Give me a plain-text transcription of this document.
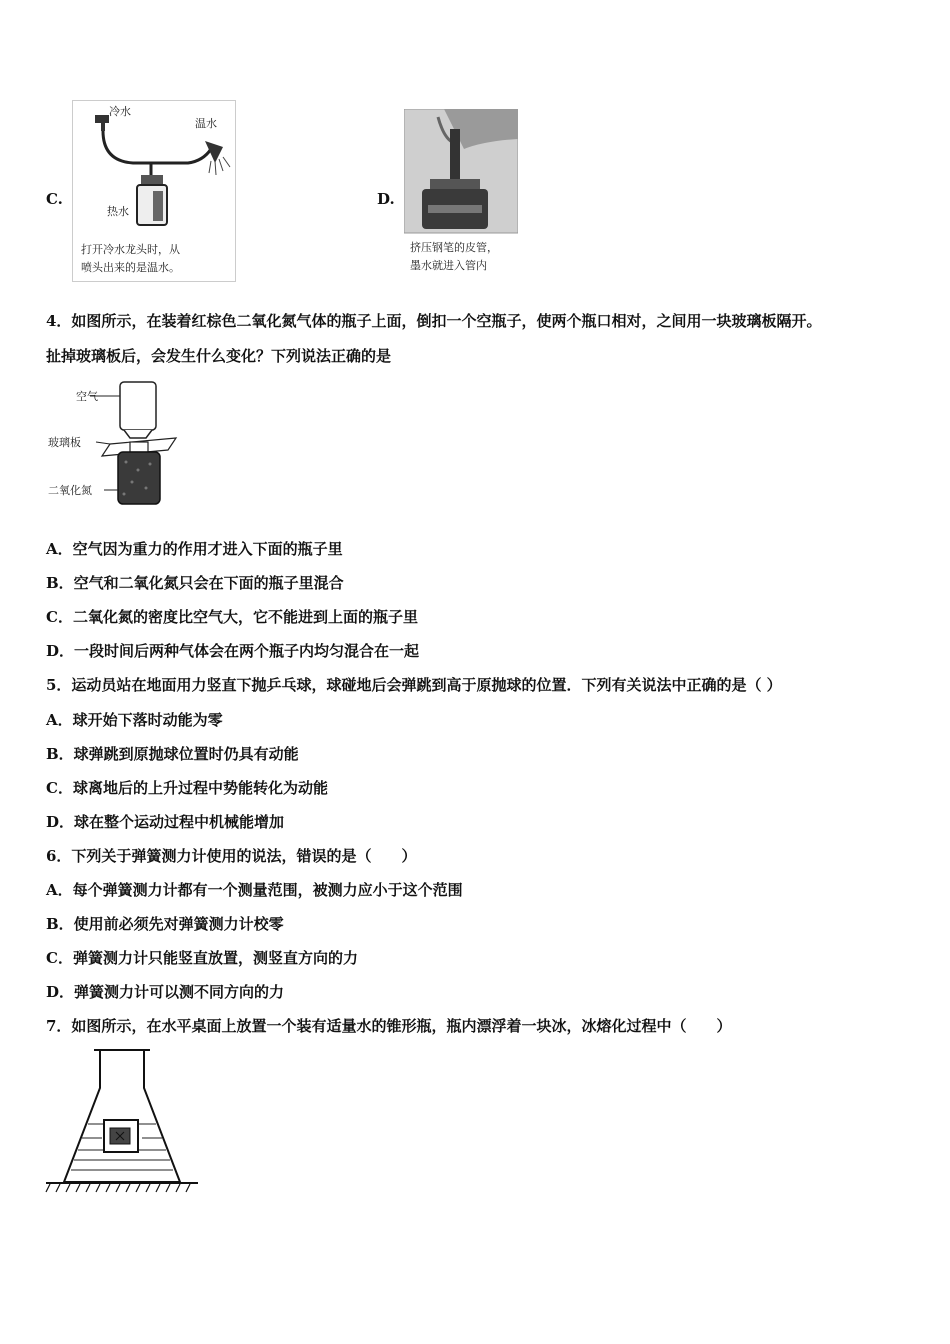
C.
冷水
温水
热水
打开冷水龙头时，从
喷头出来的是温水。
D.
挤压钢笔的皮管，
墨水就进入管内
4．如图所示，在装着红棕色二氧化氮气体的瓶子上面，倒扣一个空瓶子，使两个瓶口相对，之间用一块玻璃板隔开。
扯掉玻璃板后，会发生什么变化？下列说法正确的是
空气
玻璃板
二氧化氮
A．空气因为重力的作用才进入下面的瓶子里
B．空气和二氧化氮只会在下面的瓶子里混合
C．二氧化氮的密度比空气大，它不能进到上面的瓶子里
D．一段时间后两种气体会在两个瓶子内均匀混合在一起
5．运动员站在地面用力竖直下抛乒乓球，球碰地后会弹跳到高于原抛球的位置．下列有关说法中正确的是（ ）
A．球开始下落时动能为零
B．球弹跳到原抛球位置时仍具有动能
C．球离地后的上升过程中势能转化为动能
D．球在整个运动过程中机械能增加
6．下列关于弹簧测力计使用的说法，错误的是（　　）
A．每个弹簧测力计都有一个测量范围，被测力应小于这个范围
B．使用前必须先对弹簧测力计校零
C．弹簧测力计只能竖直放置，测竖直方向的力
D．弹簧测力计可以测不同方向的力
7．如图所示，在水平桌面上放置一个装有适量水的锥形瓶，瓶内漂浮着一块冰，冰熔化过程中（　　）
